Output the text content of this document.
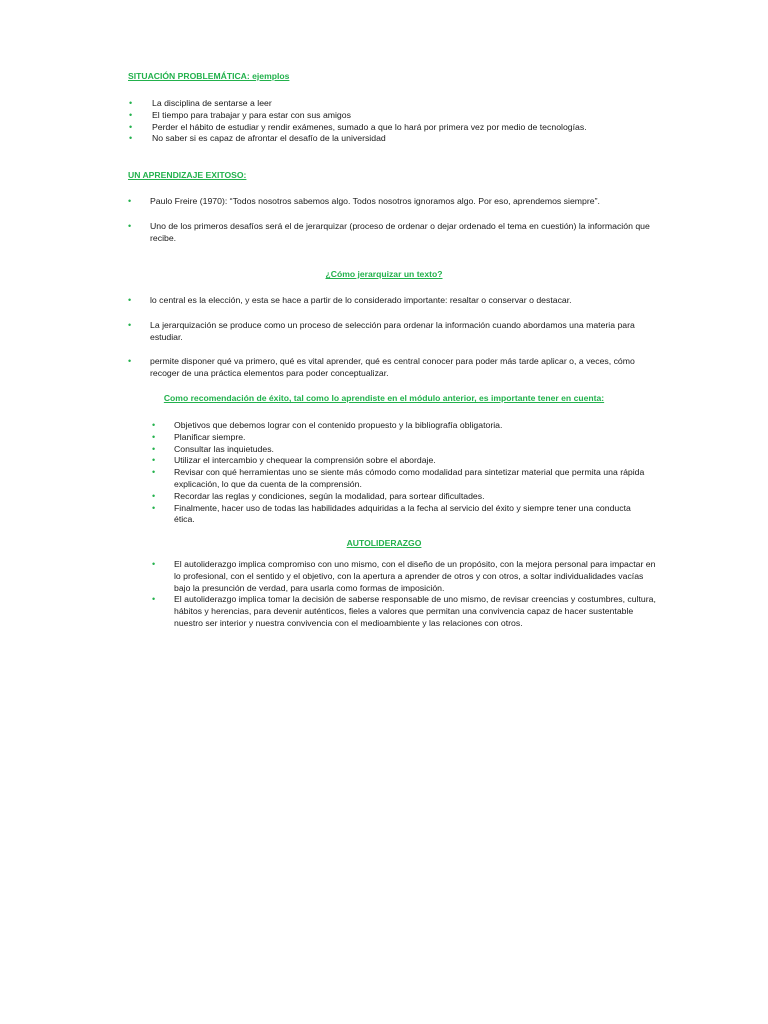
SITUACIÓN PROBLEMÁTICA: ejemplos
• La disciplina de sentarse a leer
• El tiempo para trabajar y para estar con sus amigos
• Perder el hábito de estudiar y rendir exámenes, sumado a que lo hará por primera vez por medio de tecnologías.
• No saber si es capaz de afrontar el desafío de la universidad
UN APRENDIZAJE EXITOSO:
• Paulo Freire (1970): “Todos nosotros sabemos algo. Todos nosotros ignoramos algo. Por eso, aprendemos siempre”.
• Uno de los primeros desafíos será el de jerarquizar (proceso de ordenar o dejar ordenado el tema en cuestión) la información que recibe.
¿Cómo jerarquizar un texto?
• lo central es la elección, y esta se hace a partir de lo considerado importante: resaltar o conservar o destacar.
• La jerarquización se produce como un proceso de selección para ordenar la información cuando abordamos una materia para estudiar.
• permite disponer qué va primero, qué es vital aprender, qué es central conocer para poder más tarde aplicar o, a veces, cómo recoger de una práctica elementos para poder conceptualizar.
Como recomendación de éxito, tal como lo aprendiste en el módulo anterior, es importante tener en cuenta:
• Objetivos que debemos lograr con el contenido propuesto y la bibliografía obligatoria.
• Planificar siempre.
• Consultar las inquietudes.
• Utilizar el intercambio y chequear la comprensión sobre el abordaje.
• Revisar con qué herramientas uno se siente más cómodo como modalidad para sintetizar material que permita una rápida explicación, lo que da cuenta de la comprensión.
• Recordar las reglas y condiciones, según la modalidad, para sortear dificultades.
• Finalmente, hacer uso de todas las habilidades adquiridas a la fecha al servicio del éxito y siempre tener una conducta ética.
AUTOLIDERAZGO
• El autoliderazgo implica compromiso con uno mismo, con el diseño de un propósito, con la mejora personal para impactar en lo profesional, con el sentido y el objetivo, con la apertura a aprender de otros y con otros, a soltar individualidades vacías bajo la presunción de verdad, para usarla como formas de imposición.
• El autoliderazgo implica tomar la decisión de saberse responsable de uno mismo, de revisar creencias y costumbres, cultura, hábitos y herencias, para devenir auténticos, fieles a valores que permitan una convivencia capaz de hacer sustentable nuestro ser interior y nuestra convivencia con el medioambiente y las relaciones con otros.
